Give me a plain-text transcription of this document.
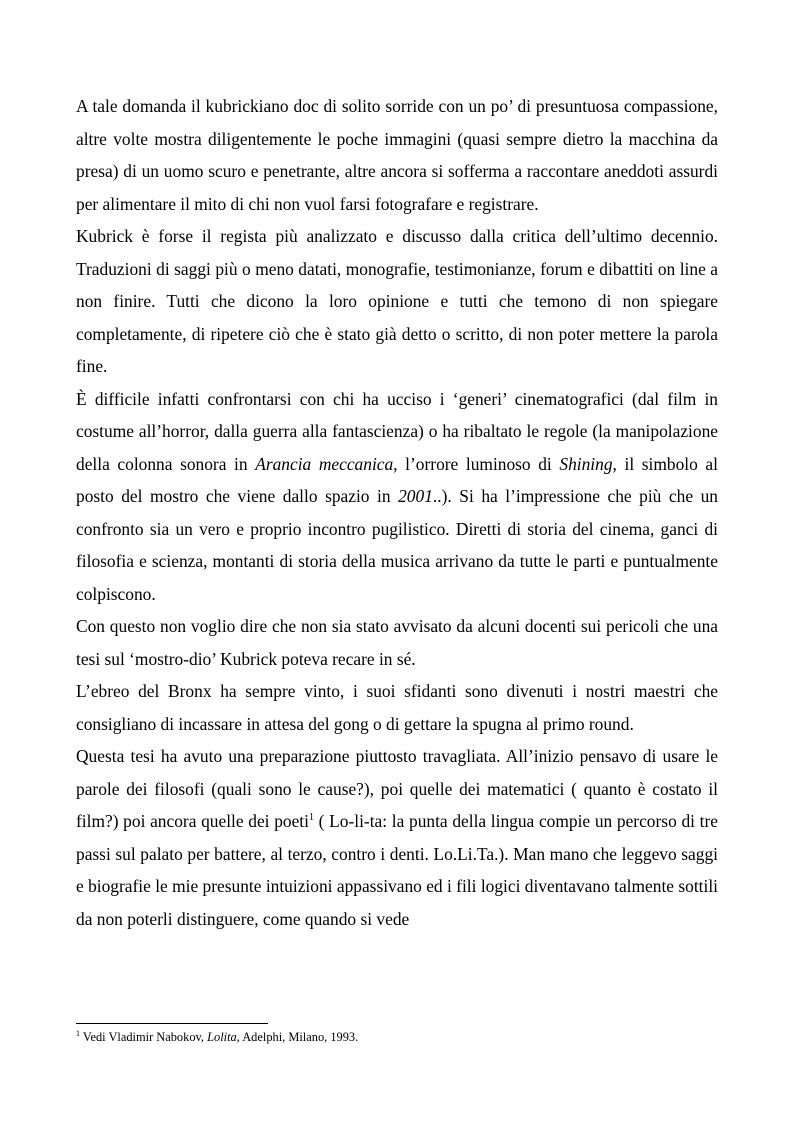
A tale domanda il kubrickiano doc di solito sorride con un po’ di presuntuosa compassione, altre volte mostra diligentemente le poche immagini (quasi sempre dietro la macchina da presa) di un uomo scuro e penetrante, altre ancora si sofferma a raccontare aneddoti assurdi per alimentare il mito di chi non vuol farsi fotografare e registrare.

Kubrick è forse il regista più analizzato e discusso dalla critica dell’ultimo decennio. Traduzioni di saggi più o meno datati, monografie, testimonianze, forum e dibattiti on line a non finire. Tutti che dicono la loro opinione e tutti che temono di non spiegare completamente, di ripetere ciò che è stato già detto o scritto, di non poter mettere la parola fine.

È difficile infatti confrontarsi con chi ha ucciso i ‘generi’ cinematografici (dal film in costume all’horror, dalla guerra alla fantascienza) o ha ribaltato le regole (la manipolazione della colonna sonora in Arancia meccanica, l’orrore luminoso di Shining, il simbolo al posto del mostro che viene dallo spazio in 2001..). Si ha l’impressione che più che un confronto sia un vero e proprio incontro pugilistico. Diretti di storia del cinema, ganci di filosofia e scienza, montanti di storia della musica arrivano da tutte le parti e puntualmente colpiscono.

Con questo non voglio dire che non sia stato avvisato da alcuni docenti sui pericoli che una tesi sul ‘mostro-dio’ Kubrick poteva recare in sé.

L’ebreo del Bronx ha sempre vinto, i suoi sfidanti sono divenuti i nostri maestri che consigliano di incassare in attesa del gong o di gettare la spugna al primo round.

Questa tesi ha avuto una preparazione piuttosto travagliata. All’inizio pensavo di usare le parole dei filosofi (quali sono le cause?), poi quelle dei matematici ( quanto è costato il film?) poi ancora quelle dei poeti$^1$ ( Lo-li-ta: la punta della lingua compie un percorso di tre passi sul palato per battere, al terzo, contro i denti. Lo.Li.Ta.). Man mano che leggevo saggi e biografie le mie presunte intuizioni appassivano ed i fili logici diventavano talmente sottili da non poterli distinguere, come quando si vede

$^1$ Vedi Vladimir Nabokov, Lolita, Adelphi, Milano, 1993.
